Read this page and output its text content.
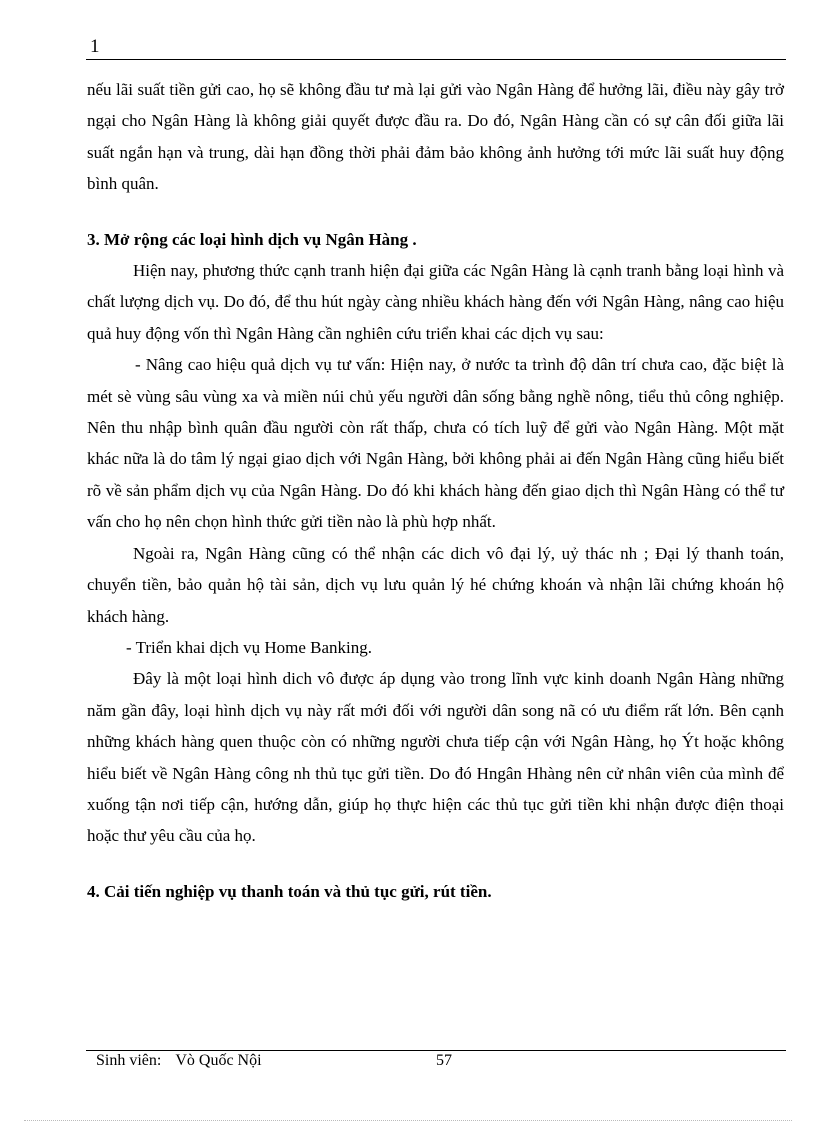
1

nếu lãi suất tiền gửi cao, họ sẽ không đầu tư mà lại gửi vào Ngân Hàng để hưởng lãi, điều này gây trở ngại cho Ngân Hàng là không giải quyết được đầu ra. Do đó, Ngân Hàng cần có sự cân đối giữa lãi suất ngắn hạn và trung, dài hạn đồng thời phải đảm bảo không ảnh hưởng tới mức lãi suất huy động bình quân.

3. Mở rộng các loại hình dịch vụ Ngân Hàng .

Hiện nay, phương thức cạnh tranh hiện đại giữa các Ngân Hàng là cạnh tranh bằng loại hình và chất lượng dịch vụ. Do đó, để thu hút ngày càng nhiều khách hàng đến với Ngân Hàng, nâng cao hiệu quả huy động vốn thì Ngân Hàng cần nghiên cứu triển khai các dịch vụ sau:

- Nâng cao hiệu quả dịch vụ tư vấn: Hiện nay, ở nước ta trình độ dân trí chưa cao, đặc biệt là mét sè vùng sâu vùng xa và miền núi chủ yếu người dân sống bằng nghề nông, tiểu thủ công nghiệp. Nên thu nhập bình quân đầu người còn rất thấp, chưa có tích luỹ để gửi vào Ngân Hàng. Một mặt khác nữa là do tâm lý ngại giao dịch với Ngân Hàng, bởi không phải ai đến Ngân Hàng cũng hiểu biết rõ về sản phẩm dịch vụ của Ngân Hàng. Do đó khi khách hàng đến giao dịch thì Ngân Hàng có thể tư vấn cho họ nên chọn hình thức gửi tiền nào là phù hợp nhất.

Ngoài ra, Ngân Hàng cũng có thể nhận các dich vô đại lý, uỷ thác nh ; Đại lý thanh toán, chuyển tiền, bảo quản hộ tài sản, dịch vụ lưu quản lý hé chứng khoán và nhận lãi chứng khoán hộ khách hàng.

- Triển khai dịch vụ Home Banking.

Đây là một loại hình dich vô được áp dụng vào trong lĩnh vực kinh doanh Ngân Hàng những năm gần đây, loại hình dịch vụ này rất mới đối với người dân song nã có ưu điểm rất lớn. Bên cạnh những khách hàng quen thuộc còn có những người chưa tiếp cận với Ngân Hàng, họ Ýt hoặc không hiểu biết về Ngân Hàng công nh thủ tục gửi tiền. Do đó Hngân Hhàng nên cử nhân viên của mình để xuống tận nơi tiếp cận, hướng dẫn, giúp họ thực hiện các thủ tục gửi tiền khi nhận được điện thoại hoặc thư yêu cầu của họ.

4. Cải tiến nghiệp vụ thanh toán và thủ tục gửi, rút tiền.

Sinh viên: Vò Quốc Nội	57
